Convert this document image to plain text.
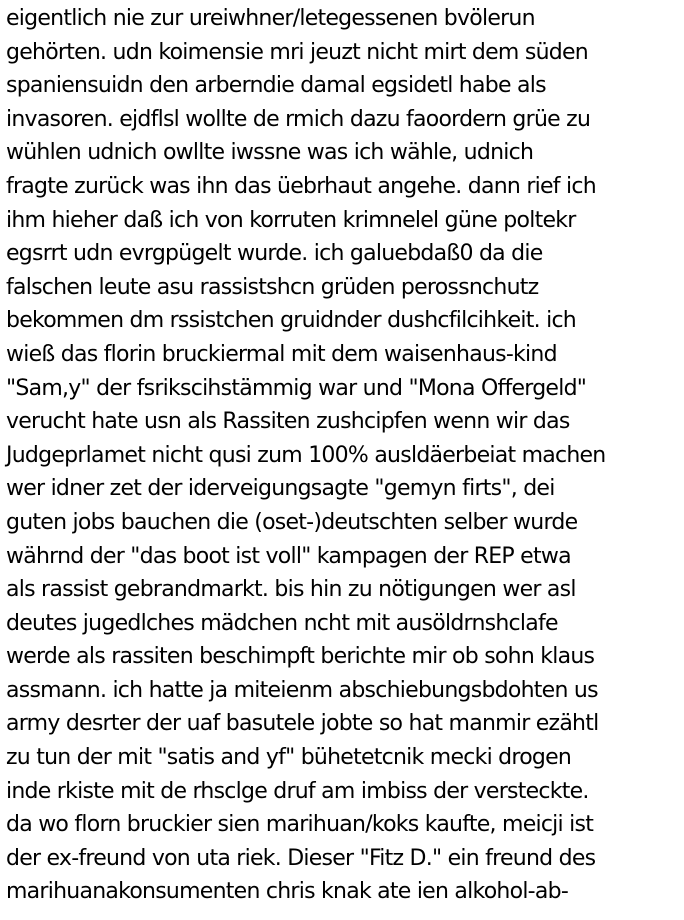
eigentlich nie zur ureiwhner/letegessenen bvölerun
gehörten. udn koimensie mri jeuzt nicht mirt dem süden
spaniensuidn den arberndie damal egsidetl habe als
invasoren. ejdflsl wollte de rmich dazu faoordern grüe zu
wühlen udnich owllte iwssne was ich wähle, udnich
fragte zurück was ihn das üebrhaut angehe. dann rief ich
ihm hieher daß ich von korruten krimnelel güne poltekr
egsrrt udn evrgpügelt wurde. ich galuebdaß0 da die
falschen leute asu rassistshcn grüden perossnchutz
bekommen dm rssistchen gruidnder dushcfilcihkeit. ich
wieß das florin bruckiermal mit dem waisenhaus-kind
"Sam,y" der fsrikscihstämmig war und "Mona Offergeld"
verucht hate usn als Rassiten zushcipfen wenn wir das
Judgeprlamet nicht qusi zum 100% ausldäerbeiat machen
wer idner zet der iderveigungsagte "gemyn firts", dei
guten jobs bauchen die (oset-)deutschten selber wurde
währnd der "das boot ist voll" kampagen der REP etwa
als rassist gebrandmarkt. bis hin zu nötigungen wer asl
deutes jugedlches mädchen ncht mit ausöldrnshclafe
werde als rassiten beschimpft berichte mir ob sohn klaus
assmann. ich hatte ja miteienm abschiebungsbdohten us
army desrter der uaf basutele jobte so hat manmir ezähtl
zu tun der mit "satis and yf" bühetetcnik mecki drogen
inde rkiste mit de rhsclge druf am imbiss der versteckte.
da wo florn bruckier sien marihuan/koks kaufte, meicji ist
der ex-freund von uta riek. Dieser "Fitz D." ein freund des
marihuanakonsumenten chris knak ate ien alkohol-ab-
